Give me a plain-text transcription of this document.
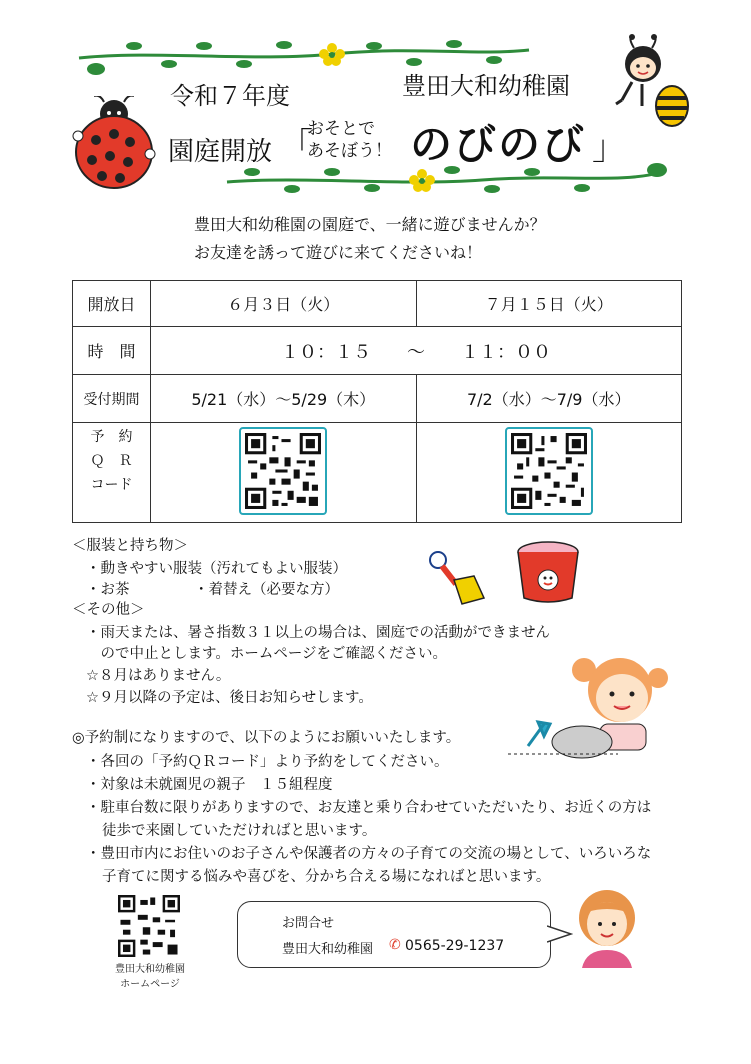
令和７年度	豊田大和幼稚園
園庭開放 「
おそとで
あそぼう！ のびのび 」
豊田大和幼稚園の園庭で、一緒に遊びませんか？
お友達を誘って遊びに来てくださいね！
開放日	６月３日（火）	７月１５日（火）
時　間	１０：１５　　～　　１１：００	
受付期間	5/21（水）～5/29（木）	7/2（水）～7/9（水）

予　約
Ｑ　Ｒ
コード

＜服装と持ち物＞
・動きやすい服装（汚れてもよい服装）
・お茶	・着替え（必要な方）
＜その他＞
・雨天または、暑さ指数３１以上の場合は、園庭での活動ができません
　ので中止とします。ホームページをご確認ください。
☆８月はありません。
☆９月以降の予定は、後日お知らせします。
◎予約制になりますので、以下のようにお願いいたします。
・各回の「予約ＱＲコード」より予約をしてください。
・対象は未就園児の親子　１５組程度
・駐車台数に限りがありますので、お友達と乗り合わせていただいたり、お近くの方は
徒歩で来園していただければと思います。
・豊田市内にお住いのお子さんや保護者の方々の子育ての交流の場として、いろいろな
子育てに関する悩みや喜びを、分かち合える場になればと思います。
豊田大和幼稚園
ホームページ
お問合せ
豊田大和幼稚園 ✆ 0565-29-1237
